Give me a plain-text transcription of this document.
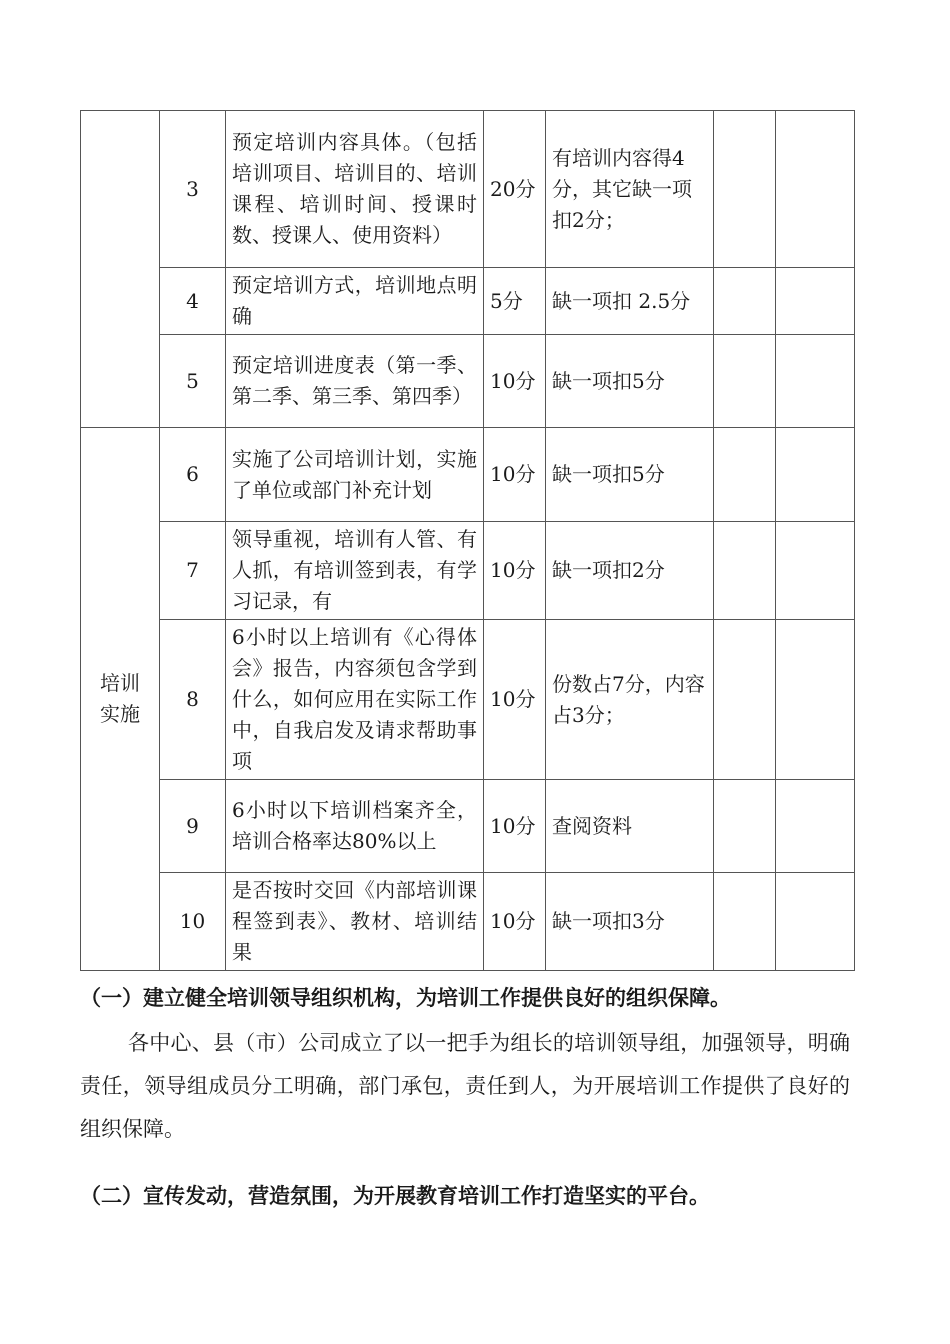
	3	预定培训内容具体。（包括培训项目、培训目的、培训课程、培训时间、授课时数、授课人、使用资料）	20分	有培训内容得4分，其它缺一项扣2分；		
	4	预定培训方式，培训地点明确	5分	缺一项扣 2.5分		
	5	预定培训进度表（第一季、第二季、第三季、第四季）	10分	缺一项扣5分		
培训实施	6	实施了公司培训计划，实施了单位或部门补充计划	10分	缺一项扣5分		
	7	领导重视，培训有人管、有人抓，有培训签到表，有学习记录，有	10分	缺一项扣2分		
	8	6小时以上培训有《心得体会》报告，内容须包含学到什么，如何应用在实际工作中，自我启发及请求帮助事项	10分	份数占7分，内容占3分；		
	9	6小时以下培训档案齐全，培训合格率达80%以上	10分	查阅资料		
	10	是否按时交回《内部培训课程签到表》、教材、培训结果	10分	缺一项扣3分		
（一）建立健全培训领导组织机构，为培训工作提供良好的组织保障。
各中心、县（市）公司成立了以一把手为组长的培训领导组，加强领导，明确责任，领导组成员分工明确，部门承包，责任到人，为开展培训工作提供了良好的组织保障。
（二）宣传发动，营造氛围，为开展教育培训工作打造坚实的平台。
